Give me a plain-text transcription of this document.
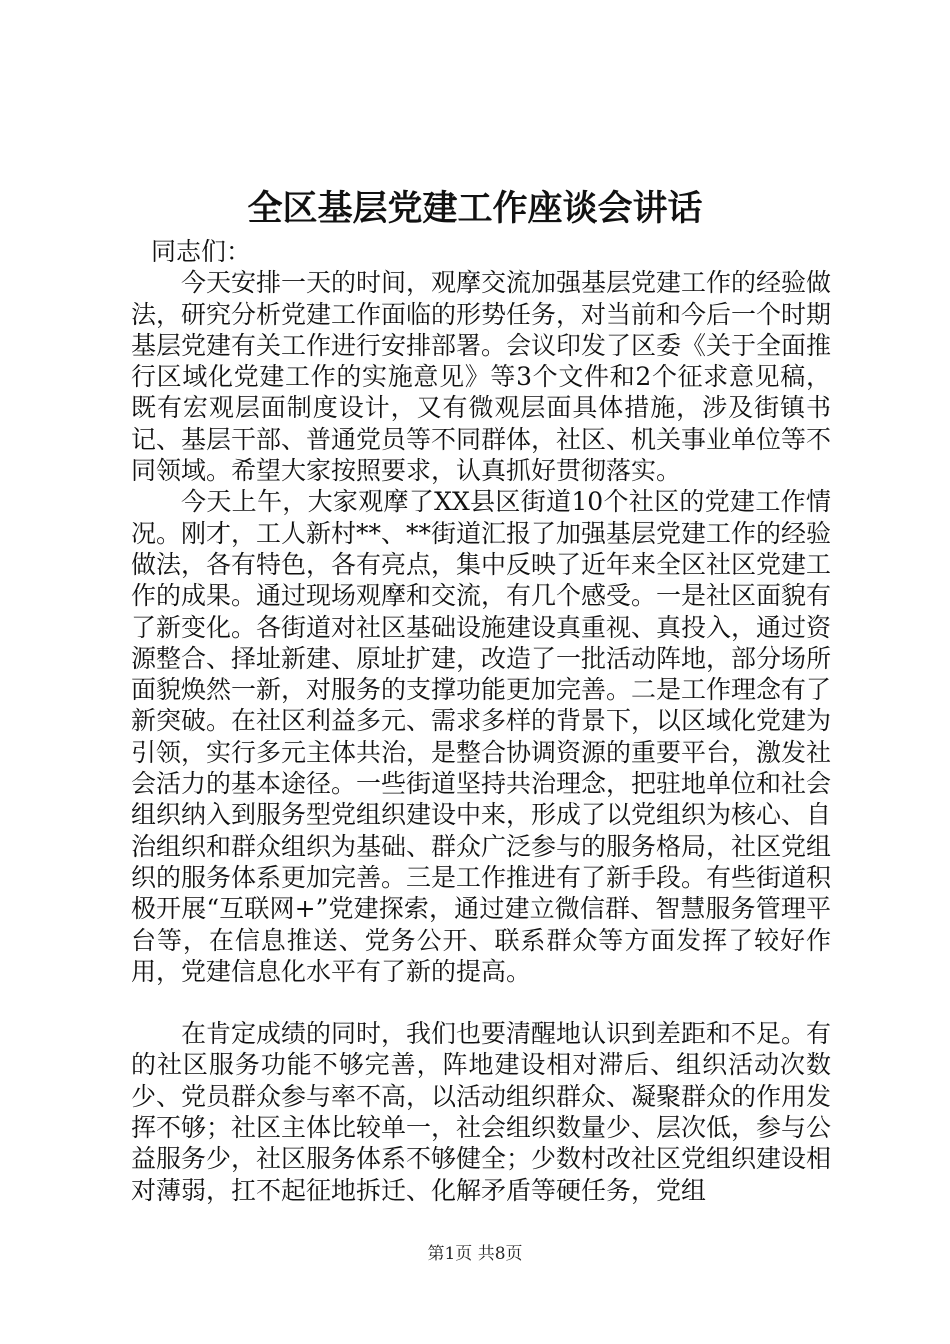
全区基层党建工作座谈会讲话

同志们：

今天安排一天的时间，观摩交流加强基层党建工作的经验做法，研究分析党建工作面临的形势任务，对当前和今后一个时期基层党建有关工作进行安排部署。会议印发了区委《关于全面推行区域化党建工作的实施意见》等3个文件和2个征求意见稿，既有宏观层面制度设计，又有微观层面具体措施，涉及街镇书记、基层干部、普通党员等不同群体，社区、机关事业单位等不同领域。希望大家按照要求，认真抓好贯彻落实。

今天上午，大家观摩了XX县区街道10个社区的党建工作情况。刚才，工人新村**、**街道汇报了加强基层党建工作的经验做法，各有特色，各有亮点，集中反映了近年来全区社区党建工作的成果。通过现场观摩和交流，有几个感受。一是社区面貌有了新变化。各街道对社区基础设施建设真重视、真投入，通过资源整合、择址新建、原址扩建，改造了一批活动阵地，部分场所面貌焕然一新，对服务的支撑功能更加完善。二是工作理念有了新突破。在社区利益多元、需求多样的背景下，以区域化党建为引领，实行多元主体共治，是整合协调资源的重要平台，激发社会活力的基本途径。一些街道坚持共治理念，把驻地单位和社会组织纳入到服务型党组织建设中来，形成了以党组织为核心、自治组织和群众组织为基础、群众广泛参与的服务格局，社区党组织的服务体系更加完善。三是工作推进有了新手段。有些街道积极开展“互联网+”党建探索，通过建立微信群、智慧服务管理平台等，在信息推送、党务公开、联系群众等方面发挥了较好作用，党建信息化水平有了新的提高。

在肯定成绩的同时，我们也要清醒地认识到差距和不足。有的社区服务功能不够完善，阵地建设相对滞后、组织活动次数少、党员群众参与率不高，以活动组织群众、凝聚群众的作用发挥不够；社区主体比较单一，社会组织数量少、层次低，参与公益服务少，社区服务体系不够健全；少数村改社区党组织建设相对薄弱，扛不起征地拆迁、化解矛盾等硬任务，党组

第1页 共8页
